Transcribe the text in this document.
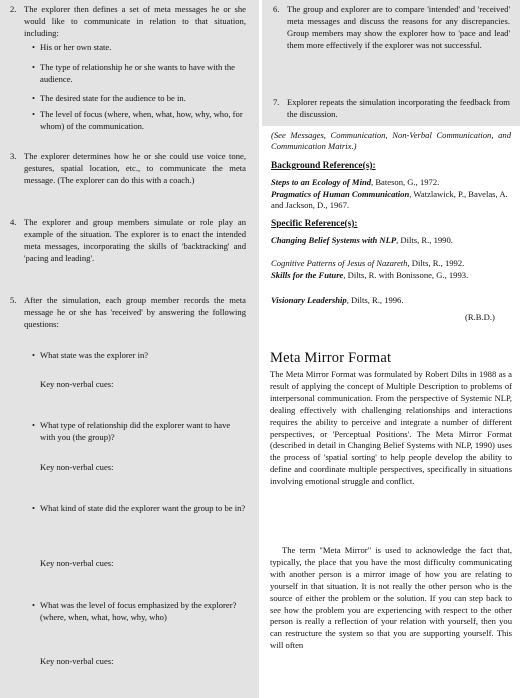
2. The explorer then defines a set of meta messages he or she would like to communicate in relation to that situation, including:

• His or her own state.
• The type of relationship he or she wants to have with the audience.
• The desired state for the audience to be in.
• The level of focus (where, when, what, how, why, who, for whom) of the communication.
3. The explorer determines how he or she could use voice tone, gestures, spatial location, etc., to communicate the meta message. (The explorer can do this with a coach.)

4. The explorer and group members simulate or role play an example of the situation. The explorer is to enact the intended meta messages, incorporating the skills of 'backtracking' and 'pacing and leading'.

5. After the simulation, each group member records the meta message he or she has 'received' by answering the following questions:

• What state was the explorer in?
Key non-verbal cues:
• What type of relationship did the explorer want to have with you (the group)?
Key non-verbal cues:
• What kind of state did the explorer want the group to be in?
Key non-verbal cues:
• What was the level of focus emphasized by the explorer?(where, when, what, how, why, who)
Key non-verbal cues:
6. The group and explorer are to compare 'intended' and 'received' meta messages and discuss the reasons for any discrepancies. Group members may show the explorer how to 'pace and lead' them more effectively if the explorer was not successful.

7. Explorer repeats the simulation incorporating the feedback from the discussion.

(See Messages, Communication, Non-Verbal Communication, and Communication Matrix.)

Background Reference(s):

Steps to an Ecology of Mind, Bateson, G., 1972.

Pragmatics of Human Communication, Watzlawick, P., Bavelas, A. and Jackson, D., 1967.

Specific Reference(s):

Changing Belief Systems with NLP, Dilts, R., 1990.

Cognitive Patterns of Jesus of Nazareth, Dilts, R., 1992.

Skills for the Future, Dilts, R. with Bonissone, G., 1993.

Visionary Leadership, Dilts, R., 1996.

(R.B.D.)
Meta Mirror Format

The Meta Mirror Format was formulated by Robert Dilts in 1988 as a result of applying the concept of Multiple Description to problems of interpersonal communication. From the perspective of Systemic NLP, dealing effectively with challenging relationships and interactions requires the ability to perceive and integrate a number of different perspectives, or 'Perceptual Positions'. The Meta Mirror Format (described in detail in Changing Belief Systems with NLP, 1990) uses the process of 'spatial sorting' to help people develop the ability to define and coordinate multiple perspectives, specifically in situations involving emotional struggle and conflict.

The term "Meta Mirror" is used to acknowledge the fact that, typically, the place that you have the most difficulty communicating with another person is a mirror image of how you are relating to yourself in that situation. It is not really the other person who is the source of either the problem or the solution. If you can step back to see how the problem you are experiencing with respect to the other person is really a reflection of your relation with yourself, then you can restructure the system so that you are supporting yourself. This will often
